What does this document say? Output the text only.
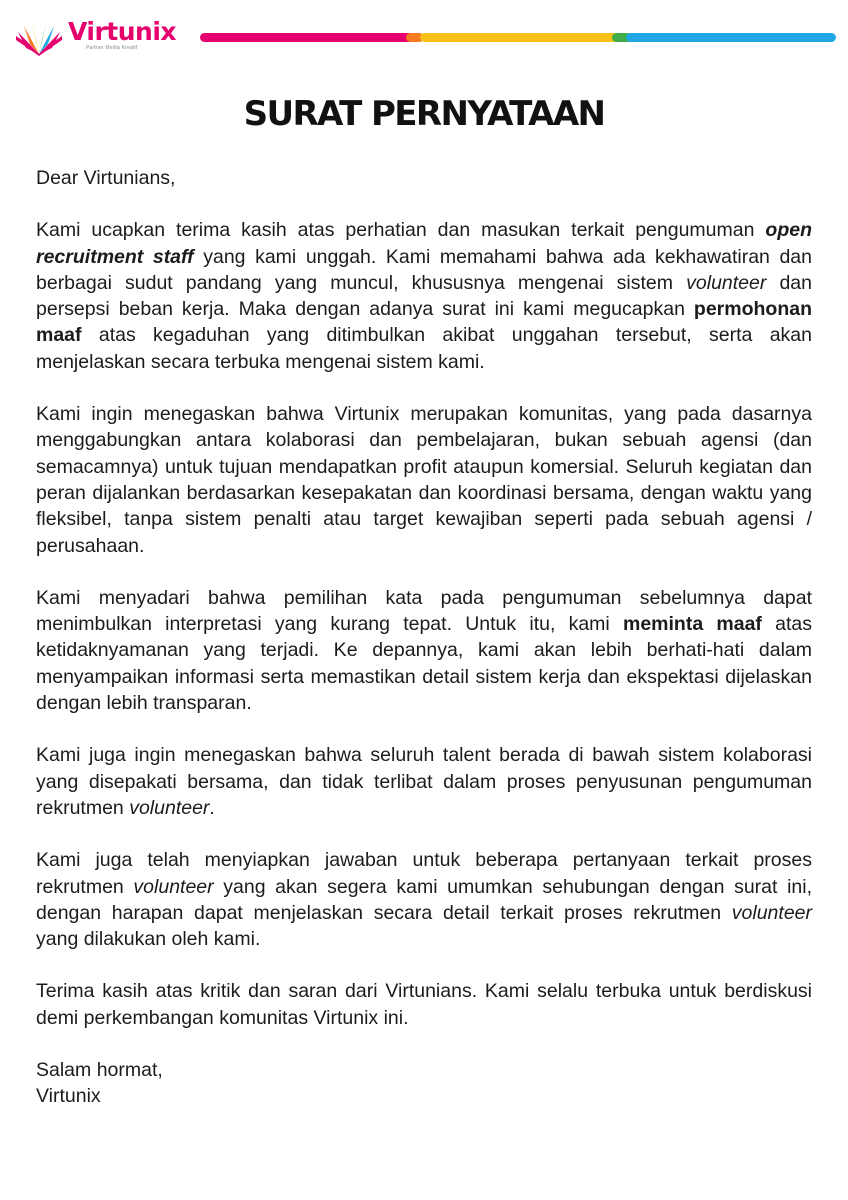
Virtunix
Partner Media Kreatif
SURAT PERNYATAAN

Dear Virtunians,

Kami ucapkan terima kasih atas perhatian dan masukan terkait pengumuman open recruitment staff yang kami unggah. Kami memahami bahwa ada kekhawatiran dan berbagai sudut pandang yang muncul, khususnya mengenai sistem volunteer dan persepsi beban kerja. Maka dengan adanya surat ini kami megucapkan permohonan maaf atas kegaduhan yang ditimbulkan akibat unggahan tersebut, serta akan menjelaskan secara terbuka mengenai sistem kami.

Kami ingin menegaskan bahwa Virtunix merupakan komunitas, yang pada dasarnya menggabungkan antara kolaborasi dan pembelajaran, bukan sebuah agensi (dan semacamnya) untuk tujuan mendapatkan profit ataupun komersial. Seluruh kegiatan dan peran dijalankan berdasarkan kesepakatan dan koordinasi bersama, dengan waktu yang fleksibel, tanpa sistem penalti atau target kewajiban seperti pada sebuah agensi / perusahaan.

Kami menyadari bahwa pemilihan kata pada pengumuman sebelumnya dapat menimbulkan interpretasi yang kurang tepat. Untuk itu, kami meminta maaf atas ketidaknyamanan yang terjadi. Ke depannya, kami akan lebih berhati-hati dalam menyampaikan informasi serta memastikan detail sistem kerja dan ekspektasi dijelaskan dengan lebih transparan.

Kami juga ingin menegaskan bahwa seluruh talent berada di bawah sistem kolaborasi yang disepakati bersama, dan tidak terlibat dalam proses penyusunan pengumuman rekrutmen volunteer.

Kami juga telah menyiapkan jawaban untuk beberapa pertanyaan terkait proses rekrutmen volunteer yang akan segera kami umumkan sehubungan dengan surat ini, dengan harapan dapat menjelaskan secara detail terkait proses rekrutmen volunteer yang dilakukan oleh kami.

Terima kasih atas kritik dan saran dari Virtunians. Kami selalu terbuka untuk berdiskusi demi perkembangan komunitas Virtunix ini.

Salam hormat,

Virtunix
